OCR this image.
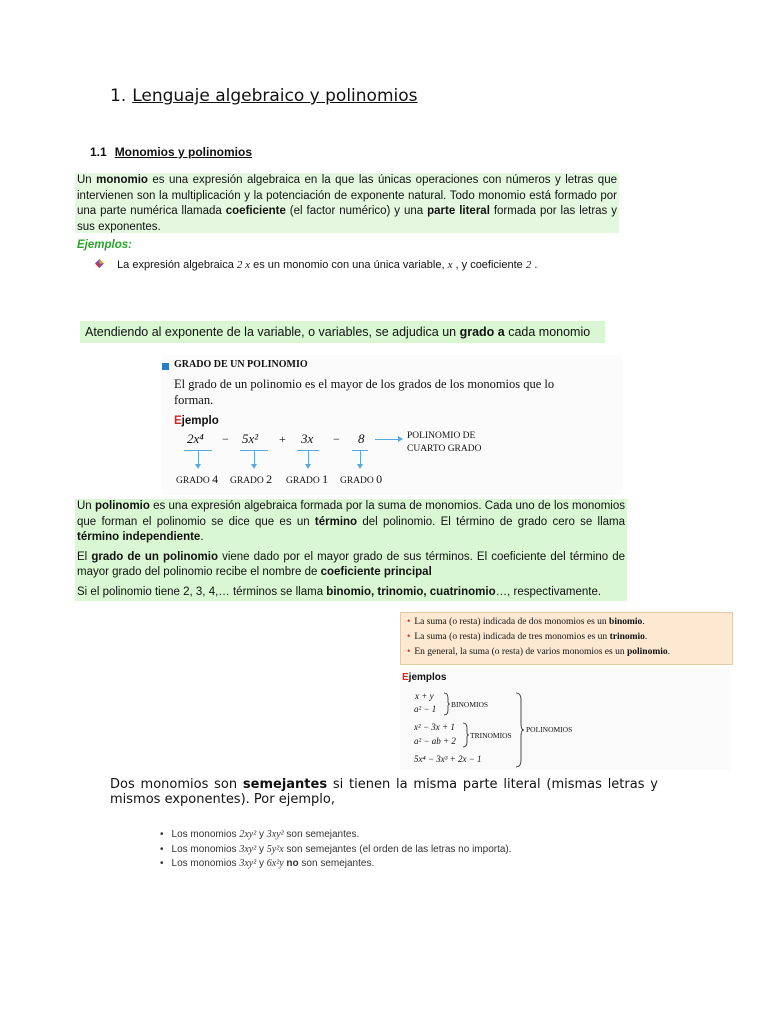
1. Lenguaje algebraico y polinomios
1.1 Monomios y polinomios
Un monomio es una expresión algebraica en la que las únicas operaciones con números y letras que intervienen son la multiplicación y la potenciación de exponente natural. Todo monomio está formado por una parte numérica llamada coeficiente (el factor numérico) y una parte literal formada por las letras y sus exponentes.
Ejemplos:
La expresión algebraica 2 x es un monomio con una única variable, x , y coeficiente 2 .
Atendiendo al exponente de la variable, o variables, se adjudica un grado a cada monomio
GRADO DE UN POLINOMIO
El grado de un polinomio es el mayor de los grados de los monomios que lo forman.
Ejemplo
2x⁴ − 5x² + 3x − 8
GRADO 4 GRADO 2 GRADO 1 GRADO 0
POLINOMIO DE
CUARTO GRADO

Un polinomio es una expresión algebraica formada por la suma de monomios. Cada uno de los monomios que forman el polinomio se dice que es un término del polinomio. El término de grado cero se llama término independiente.

El grado de un polinomio viene dado por el mayor grado de sus términos. El coeficiente del término de mayor grado del polinomio recibe el nombre de coeficiente principal

Si el polinomio tiene 2, 3, 4,… términos se llama binomio, trinomio, cuatrinomio…, respectivamente.

• La suma (o resta) indicada de dos monomios es un binomio.
• La suma (o resta) indicada de tres monomios es un trinomio.
• En general, la suma (o resta) de varios monomios es un polinomio.
Ejemplos
x + y
a² − 1 BINOMIOS
x² − 3x + 1
a² − ab + 2
TRINOMIOS
5x⁴ − 3x³ + 2x − 1
POLINOMIOS
Dos monomios son semejantes si tienen la misma parte literal (mismas letras y mismos exponentes). Por ejemplo,
• Los monomios 2xy² y 3xy² son semejantes.
• Los monomios 3xy² y 5y²x son semejantes (el orden de las letras no importa).
• Los monomios 3xy² y 6x²y no son semejantes.
